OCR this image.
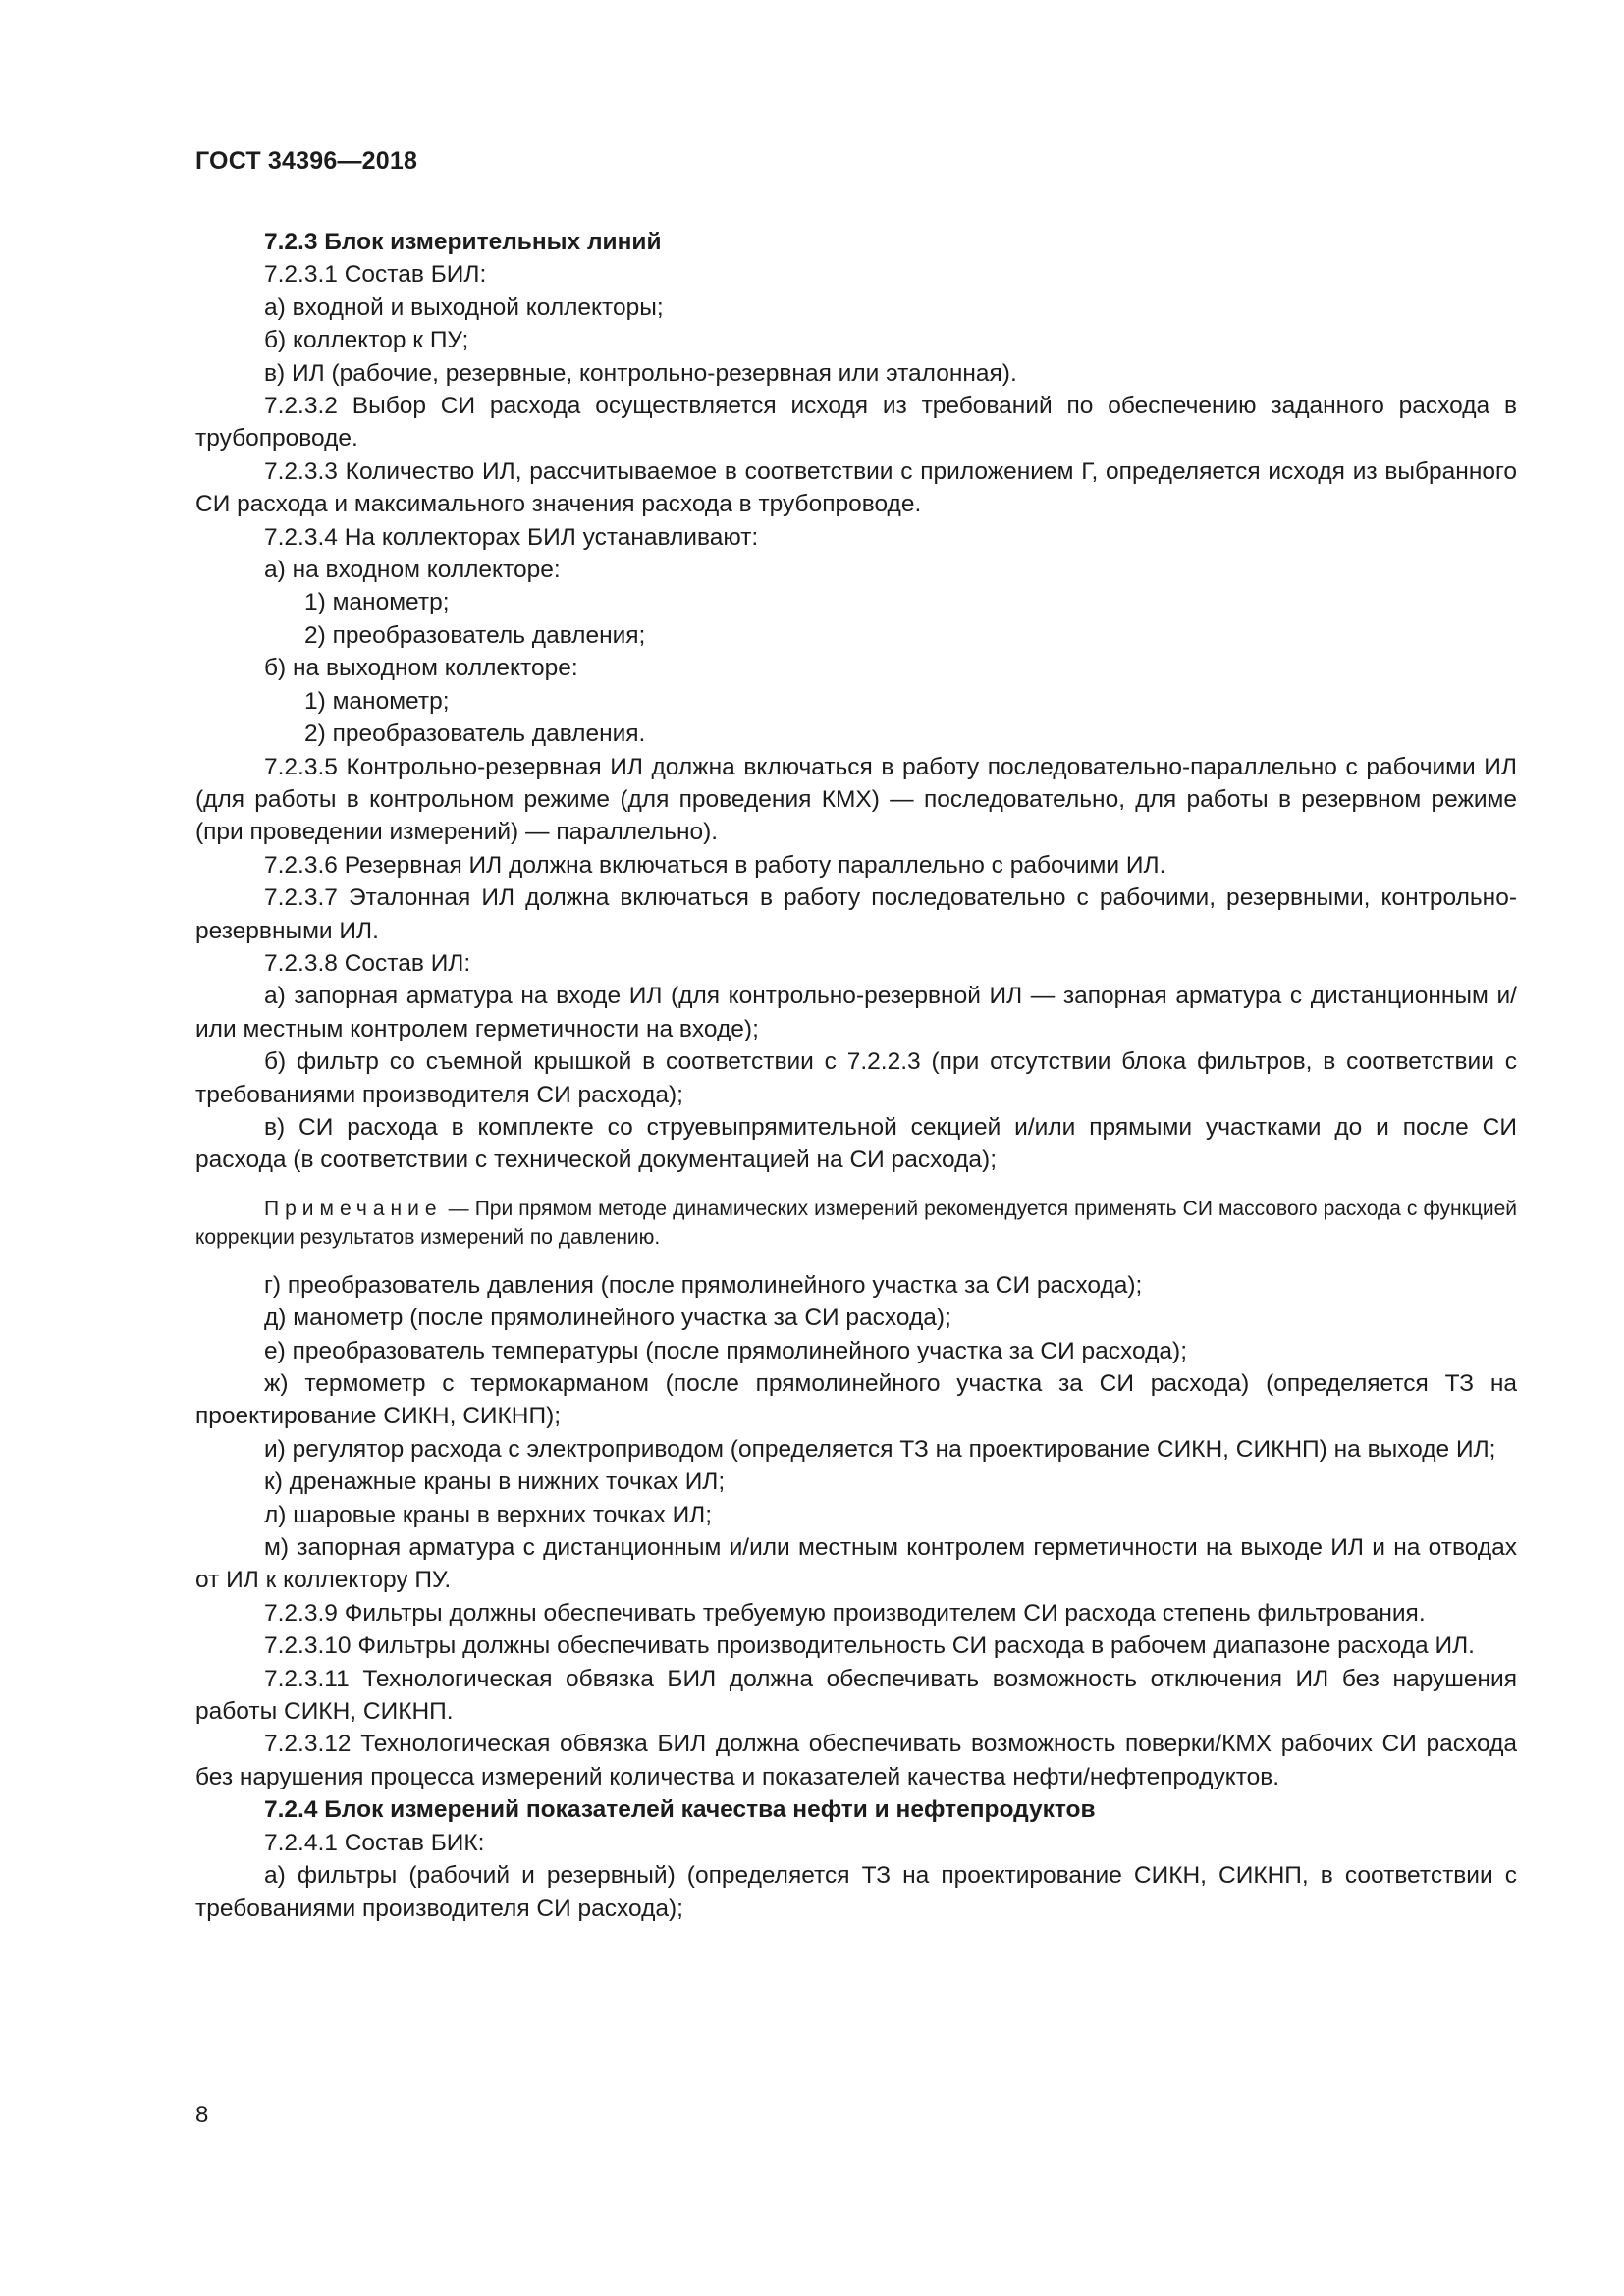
ГОСТ 34396—2018

7.2.3 Блок измерительных линий

7.2.3.1 Состав БИЛ:

а) входной и выходной коллекторы;

б) коллектор к ПУ;

в) ИЛ (рабочие, резервные, контрольно-резервная или эталонная).

7.2.3.2 Выбор СИ расхода осуществляется исходя из требований по обеспечению заданного расхода в трубопроводе.

7.2.3.3 Количество ИЛ, рассчитываемое в соответствии с приложением Г, определяется исходя из выбранного СИ расхода и максимального значения расхода в трубопроводе.

7.2.3.4 На коллекторах БИЛ устанавливают:

а) на входном коллекторе:

1) манометр;

2) преобразователь давления;

б) на выходном коллекторе:

1) манометр;

2) преобразователь давления.

7.2.3.5 Контрольно-резервная ИЛ должна включаться в работу последовательно-параллельно с рабочими ИЛ (для работы в контрольном режиме (для проведения КМХ) — последовательно, для работы в резервном режиме (при проведении измерений) — параллельно).

7.2.3.6 Резервная ИЛ должна включаться в работу параллельно с рабочими ИЛ.

7.2.3.7 Эталонная ИЛ должна включаться в работу последовательно с рабочими, резервными, контрольно-резервными ИЛ.

7.2.3.8 Состав ИЛ:

а) запорная арматура на входе ИЛ (для контрольно-резервной ИЛ — запорная арматура с дистанционным и/или местным контролем герметичности на входе);

б) фильтр со съемной крышкой в соответствии с 7.2.2.3 (при отсутствии блока фильтров, в соответствии с требованиями производителя СИ расхода);

в) СИ расхода в комплекте со струевыпрямительной секцией и/или прямыми участками до и после СИ расхода (в соответствии с технической документацией на СИ расхода);

Примечание — При прямом методе динамических измерений рекомендуется применять СИ массового расхода с функцией коррекции результатов измерений по давлению.

г) преобразователь давления (после прямолинейного участка за СИ расхода);

д) манометр (после прямолинейного участка за СИ расхода);

е) преобразователь температуры (после прямолинейного участка за СИ расхода);

ж) термометр с термокарманом (после прямолинейного участка за СИ расхода) (определяется ТЗ на проектирование СИКН, СИКНП);

и) регулятор расхода с электроприводом (определяется ТЗ на проектирование СИКН, СИКНП) на выходе ИЛ;

к) дренажные краны в нижних точках ИЛ;

л) шаровые краны в верхних точках ИЛ;

м) запорная арматура с дистанционным и/или местным контролем герметичности на выходе ИЛ и на отводах от ИЛ к коллектору ПУ.

7.2.3.9 Фильтры должны обеспечивать требуемую производителем СИ расхода степень фильтрования.

7.2.3.10 Фильтры должны обеспечивать производительность СИ расхода в рабочем диапазоне расхода ИЛ.

7.2.3.11 Технологическая обвязка БИЛ должна обеспечивать возможность отключения ИЛ без нарушения работы СИКН, СИКНП.

7.2.3.12 Технологическая обвязка БИЛ должна обеспечивать возможность поверки/КМХ рабочих СИ расхода без нарушения процесса измерений количества и показателей качества нефти/нефтепродуктов.

7.2.4 Блок измерений показателей качества нефти и нефтепродуктов

7.2.4.1 Состав БИК:

а) фильтры (рабочий и резервный) (определяется ТЗ на проектирование СИКН, СИКНП, в соответствии с требованиями производителя СИ расхода);

8
